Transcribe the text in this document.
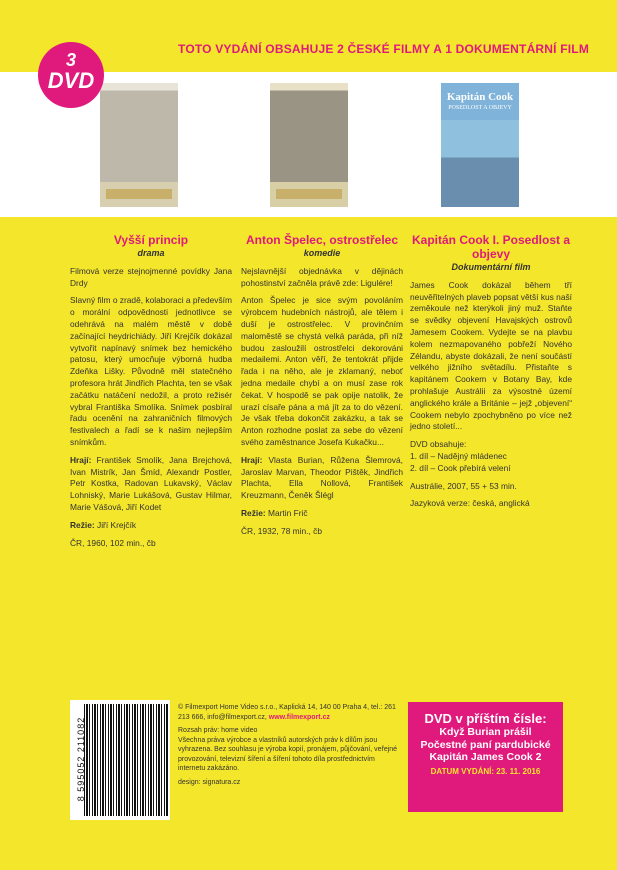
3
DVD
TOTO VYDÁNÍ OBSAHUJE 2 ČESKÉ FILMY A 1 DOKUMENTÁRNÍ FILM
Kapitán Cook
POSEDLOST A OBJEVY
Vyšší princip
drama

Filmová verze stejnojmenné povídky Jana Drdy

Slavný film o zradě, kolaboraci a především o morální odpovědnosti jednotlivce se odehrává na malém městě v době začínající heydrichiády. Jiří Krejčík dokázal vytvořit napínavý snímek bez hemického patosu, který umocňuje výborná hudba Zdeňka Lišky. Původně měl statečného profesora hrát Jindřich Plachta, ten se však začátku natáčení nedožil, a proto režisér vybral Františka Smolíka. Snímek posbíral řadu ocenění na zahraničních filmových festivalech a řadí se k našim nejlepším snímkům.

Hrají: František Smolík, Jana Brejchová, Ivan Mistrík, Jan Šmíd, Alexandr Postler, Petr Kostka, Radovan Lukavský, Václav Lohniský, Marie Lukášová, Gustav Hilmar, Marie Vášová, Jiří Kodet

Režie: Jiří Krejčík

ČR, 1960, 102 min., čb

Anton Špelec, ostrostřelec
komedie

Nejslavnější objednávka v dějinách pohostinství začněla právě zde: Ligulére!

Anton Špelec je sice svým povoláním výrobcem hudebních nástrojů, ale tělem i duší je ostrostřelec. V provinčním maloměstě se chystá velká paráda, při níž budou zasloužilí ostrostřelci dekorováni medailemi. Anton věří, že tentokrát přijde řada i na něho, ale je zklamaný, neboť jedna medaile chybí a on musí zase rok čekat. V hospodě se pak opije natolik, že urazí císaře pána a má jít za to do vězení. Je však třeba dokončit zakázku, a tak se Anton rozhodne poslat za sebe do vězení svého zaměstnance Josefa Kukačku...

Hrají: Vlasta Burian, Růžena Šlemrová, Jaroslav Marvan, Theodor Pištěk, Jindřich Plachta, Ella Nollová, František Kreuzmann, Čeněk Šlégl

Režie: Martin Frič

ČR, 1932, 78 min., čb

Kapitán Cook I. Posedlost a objevy
Dokumentární film

James Cook dokázal během tří neuvěřitelných plaveb popsat větší kus naší zeměkoule než kterýkoli jiný muž. Staňte se svědky objevení Havajských ostrovů Jamesem Cookem. Vydejte se na plavbu kolem nezmapovaného pobřeží Nového Zélandu, abyste dokázali, že není součástí velkého jižního světadílu. Přistaňte s kapitánem Cookem v Botany Bay, kde prohlašuje Austrálii za výsostné území anglického krále a Británie – jejž „objevení“ Cookem nebylo zpochybněno po více než jedno století...

DVD obsahuje:

1. díl – Nadějný mládenec

2. díl – Cook přebírá velení

Austrálie, 2007, 55 + 53 min.

Jazyková verze: česká, anglická

8 595052 211082

© Filmexport Home Video s.r.o., Kaplická 14, 140 00 Praha 4, tel.: 261 213 666, info@filmexport.cz, www.filmexport.cz

Rozsah práv: home video

Všechna práva výrobce a vlastníků autorských práv k dílům jsou vyhrazena. Bez souhlasu je výroba kopií, pronájem, půjčování, veřejné provozování, televizní šíření a šíření tohoto díla prostřednictvím internetu zakázáno.

design: signatura.cz

DVD v příštím čísle:
Když Burian prášil
Počestné paní pardubické
Kapitán James Cook 2
DATUM VYDÁNÍ: 23. 11. 2016
